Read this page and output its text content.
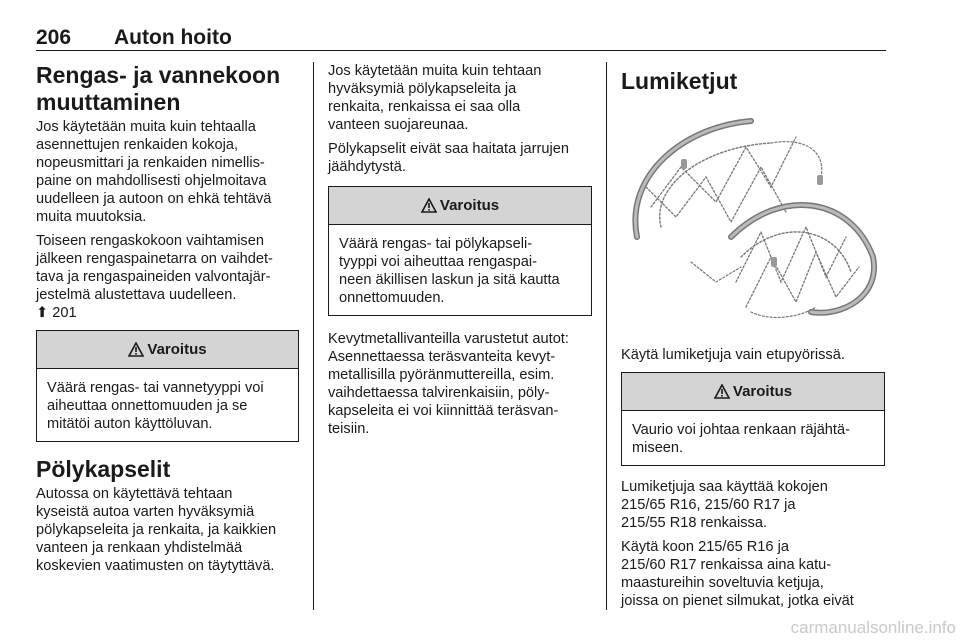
206 Auton hoito
Rengas- ja vannekoon
muuttaminen

Jos käytetään muita kuin tehtaalla
asennettujen renkaiden kokoja,
nopeusmittari ja renkaiden nimellis-
paine on mahdollisesti ohjelmoitava
uudelleen ja autoon on ehkä tehtävä
muita muutoksia.

Toiseen rengaskokoon vaihtamisen
jälkeen rengaspainetarra on vaihdet-
tava ja rengaspaineiden valvontajär-
jestelmä alustettava uudelleen.

⬆︎ 201
Varoitus
Väärä rengas- tai vannetyyppi voi
aiheuttaa onnettomuuden ja se
mitätöi auton käyttöluvan.
Pölykapselit

Autossa on käytettävä tehtaan
kyseistä autoa varten hyväksymiä
pölykapseleita ja renkaita, ja kaikkien
vanteen ja renkaan yhdistelmää
koskevien vaatimusten on täytyttävä.

Jos käytetään muita kuin tehtaan
hyväksymiä pölykapseleita ja
renkaita, renkaissa ei saa olla
vanteen suojareunaa.

Pölykapselit eivät saa haitata jarrujen
jäähdytystä.

Varoitus
Väärä rengas- tai pölykapseli-
tyyppi voi aiheuttaa rengaspai-
neen äkillisen laskun ja sitä kautta
onnettomuuden.

Kevytmetallivanteilla varustetut autot:
Asennettaessa teräsvanteita kevyt-
metallisilla pyöränmuttereilla, esim.
vaihdettaessa talvirenkaisiin, pöly-
kapseleita ei voi kiinnittää teräsvan-
teisiin.

Lumiketjut

Käytä lumiketjuja vain etupyörissä.

Varoitus
Vaurio voi johtaa renkaan räjähtä-
miseen.

Lumiketjuja saa käyttää kokojen
215/65 R16, 215/60 R17 ja
215/55 R18 renkaissa.

Käytä koon 215/65 R16 ja
215/60 R17 renkaissa aina katu-
maastureihin soveltuvia ketjuja,
joissa on pienet silmukat, jotka eivät

carmanualsonline.info
